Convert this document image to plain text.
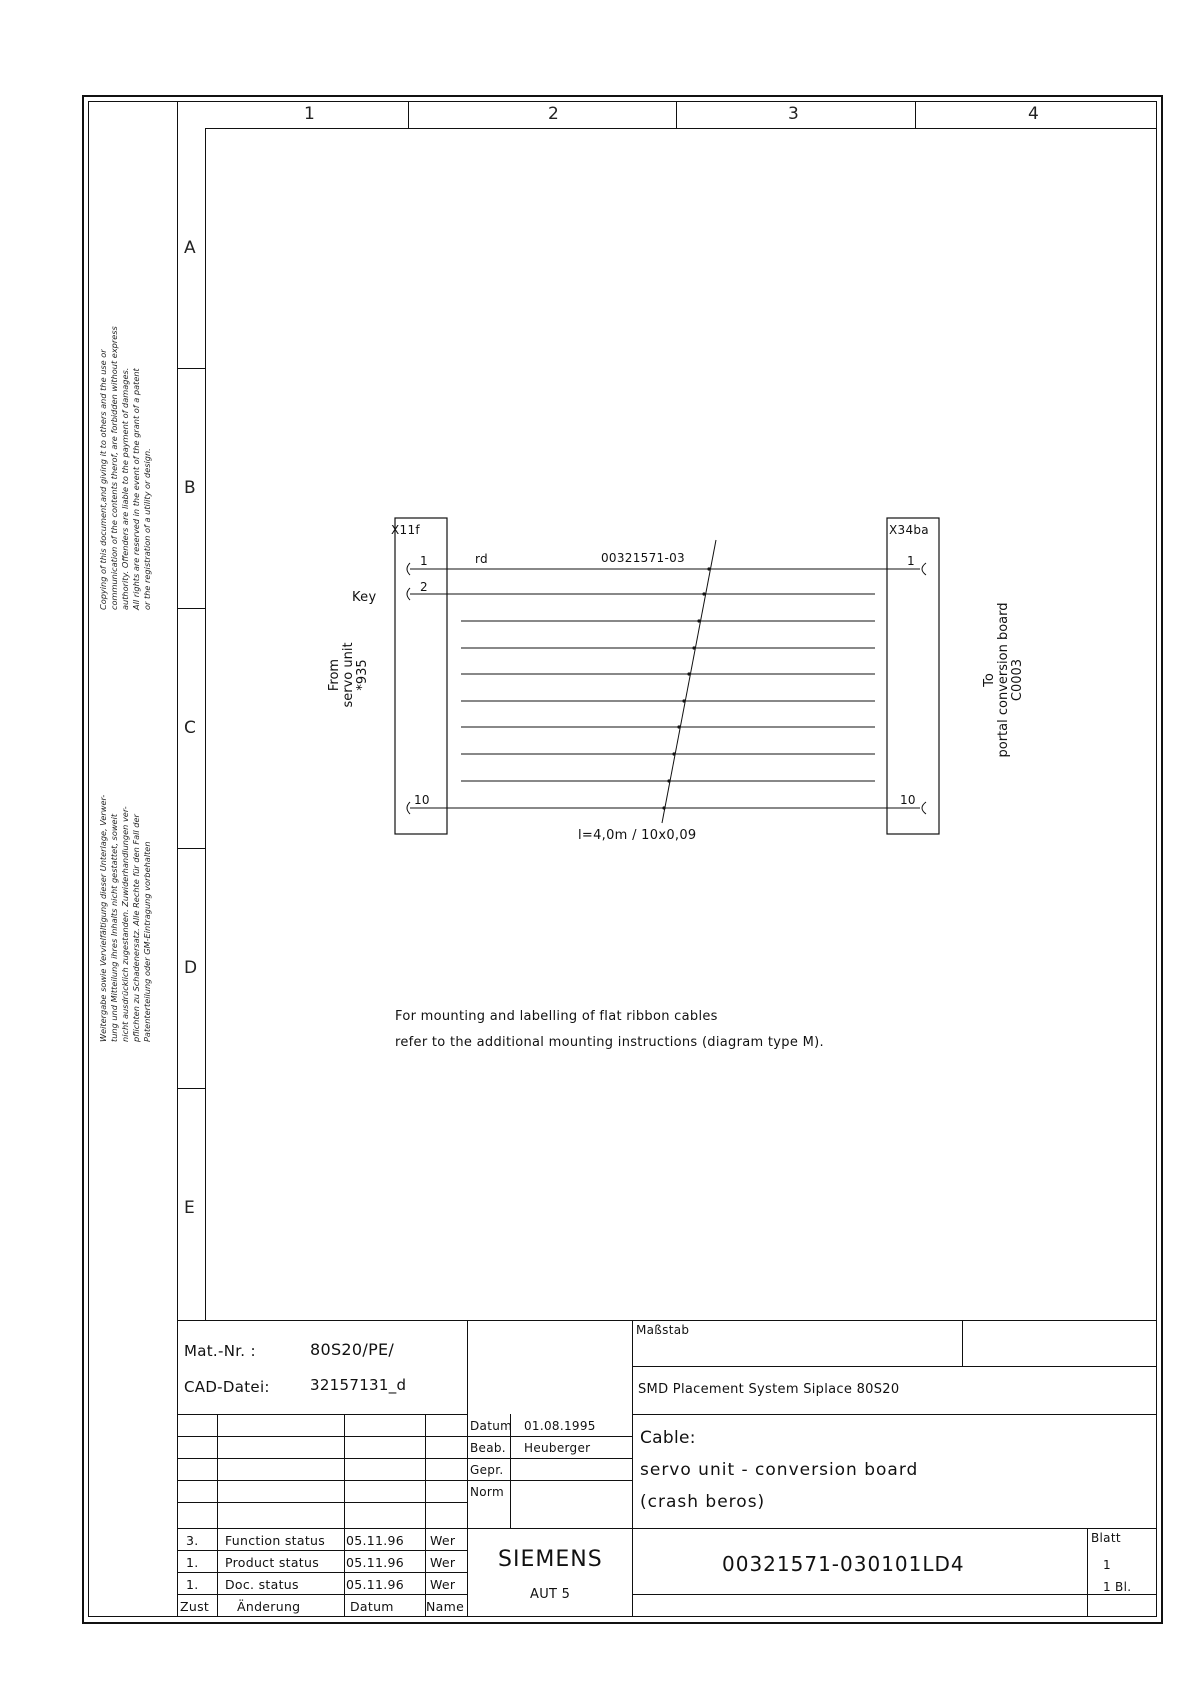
1	2	3	4
A
B
C
D
E
Copying of this document,and giving it to others and the use or communication of the contents therof, are forbidden without express authority. Offenders are liable to the payment of damages. All rights are reserved in the event of the grant of a patent or the registration of a utility or design.
Weitergabe sowie Vervielfältigung dieser Unterlage, Verwer- tung und Mitteilung ihres Inhalts nicht gestattet, soweit nicht ausdrücklich zugestanden. Zuwiderhandlungen ver- pflichten zu Schadenersatz. Alle Rechte für den Fall der Patenterteilung oder GM-Eintragung vorbehalten
X11f	X34ba
rd	00321571-03
1
2
10
1
10
Key
l=4,0m / 10x0,09
From servo unit *935	To portal conversion board C0003
For mounting and labelling of flat ribbon cables
refer to the additional mounting instructions (diagram type M).
Mat.-Nr. :	80S20/PE/
CAD-Datei:	32157131_d
Maßstab
SMD Placement System Siplace 80S20
Datum 01.08.1995
Beab. Heuberger
Gepr.
Norm
Cable:
servo unit - conversion board
(crash beros)
3. Function status 05.11.96 Wer
1. Product status 05.11.96 Wer
1. Doc. status	05.11.96 Wer
Zust Änderung	Datum	Name
SIEMENS
AUT 5
00321571-030101LD4
Blatt
1
1 Bl.
